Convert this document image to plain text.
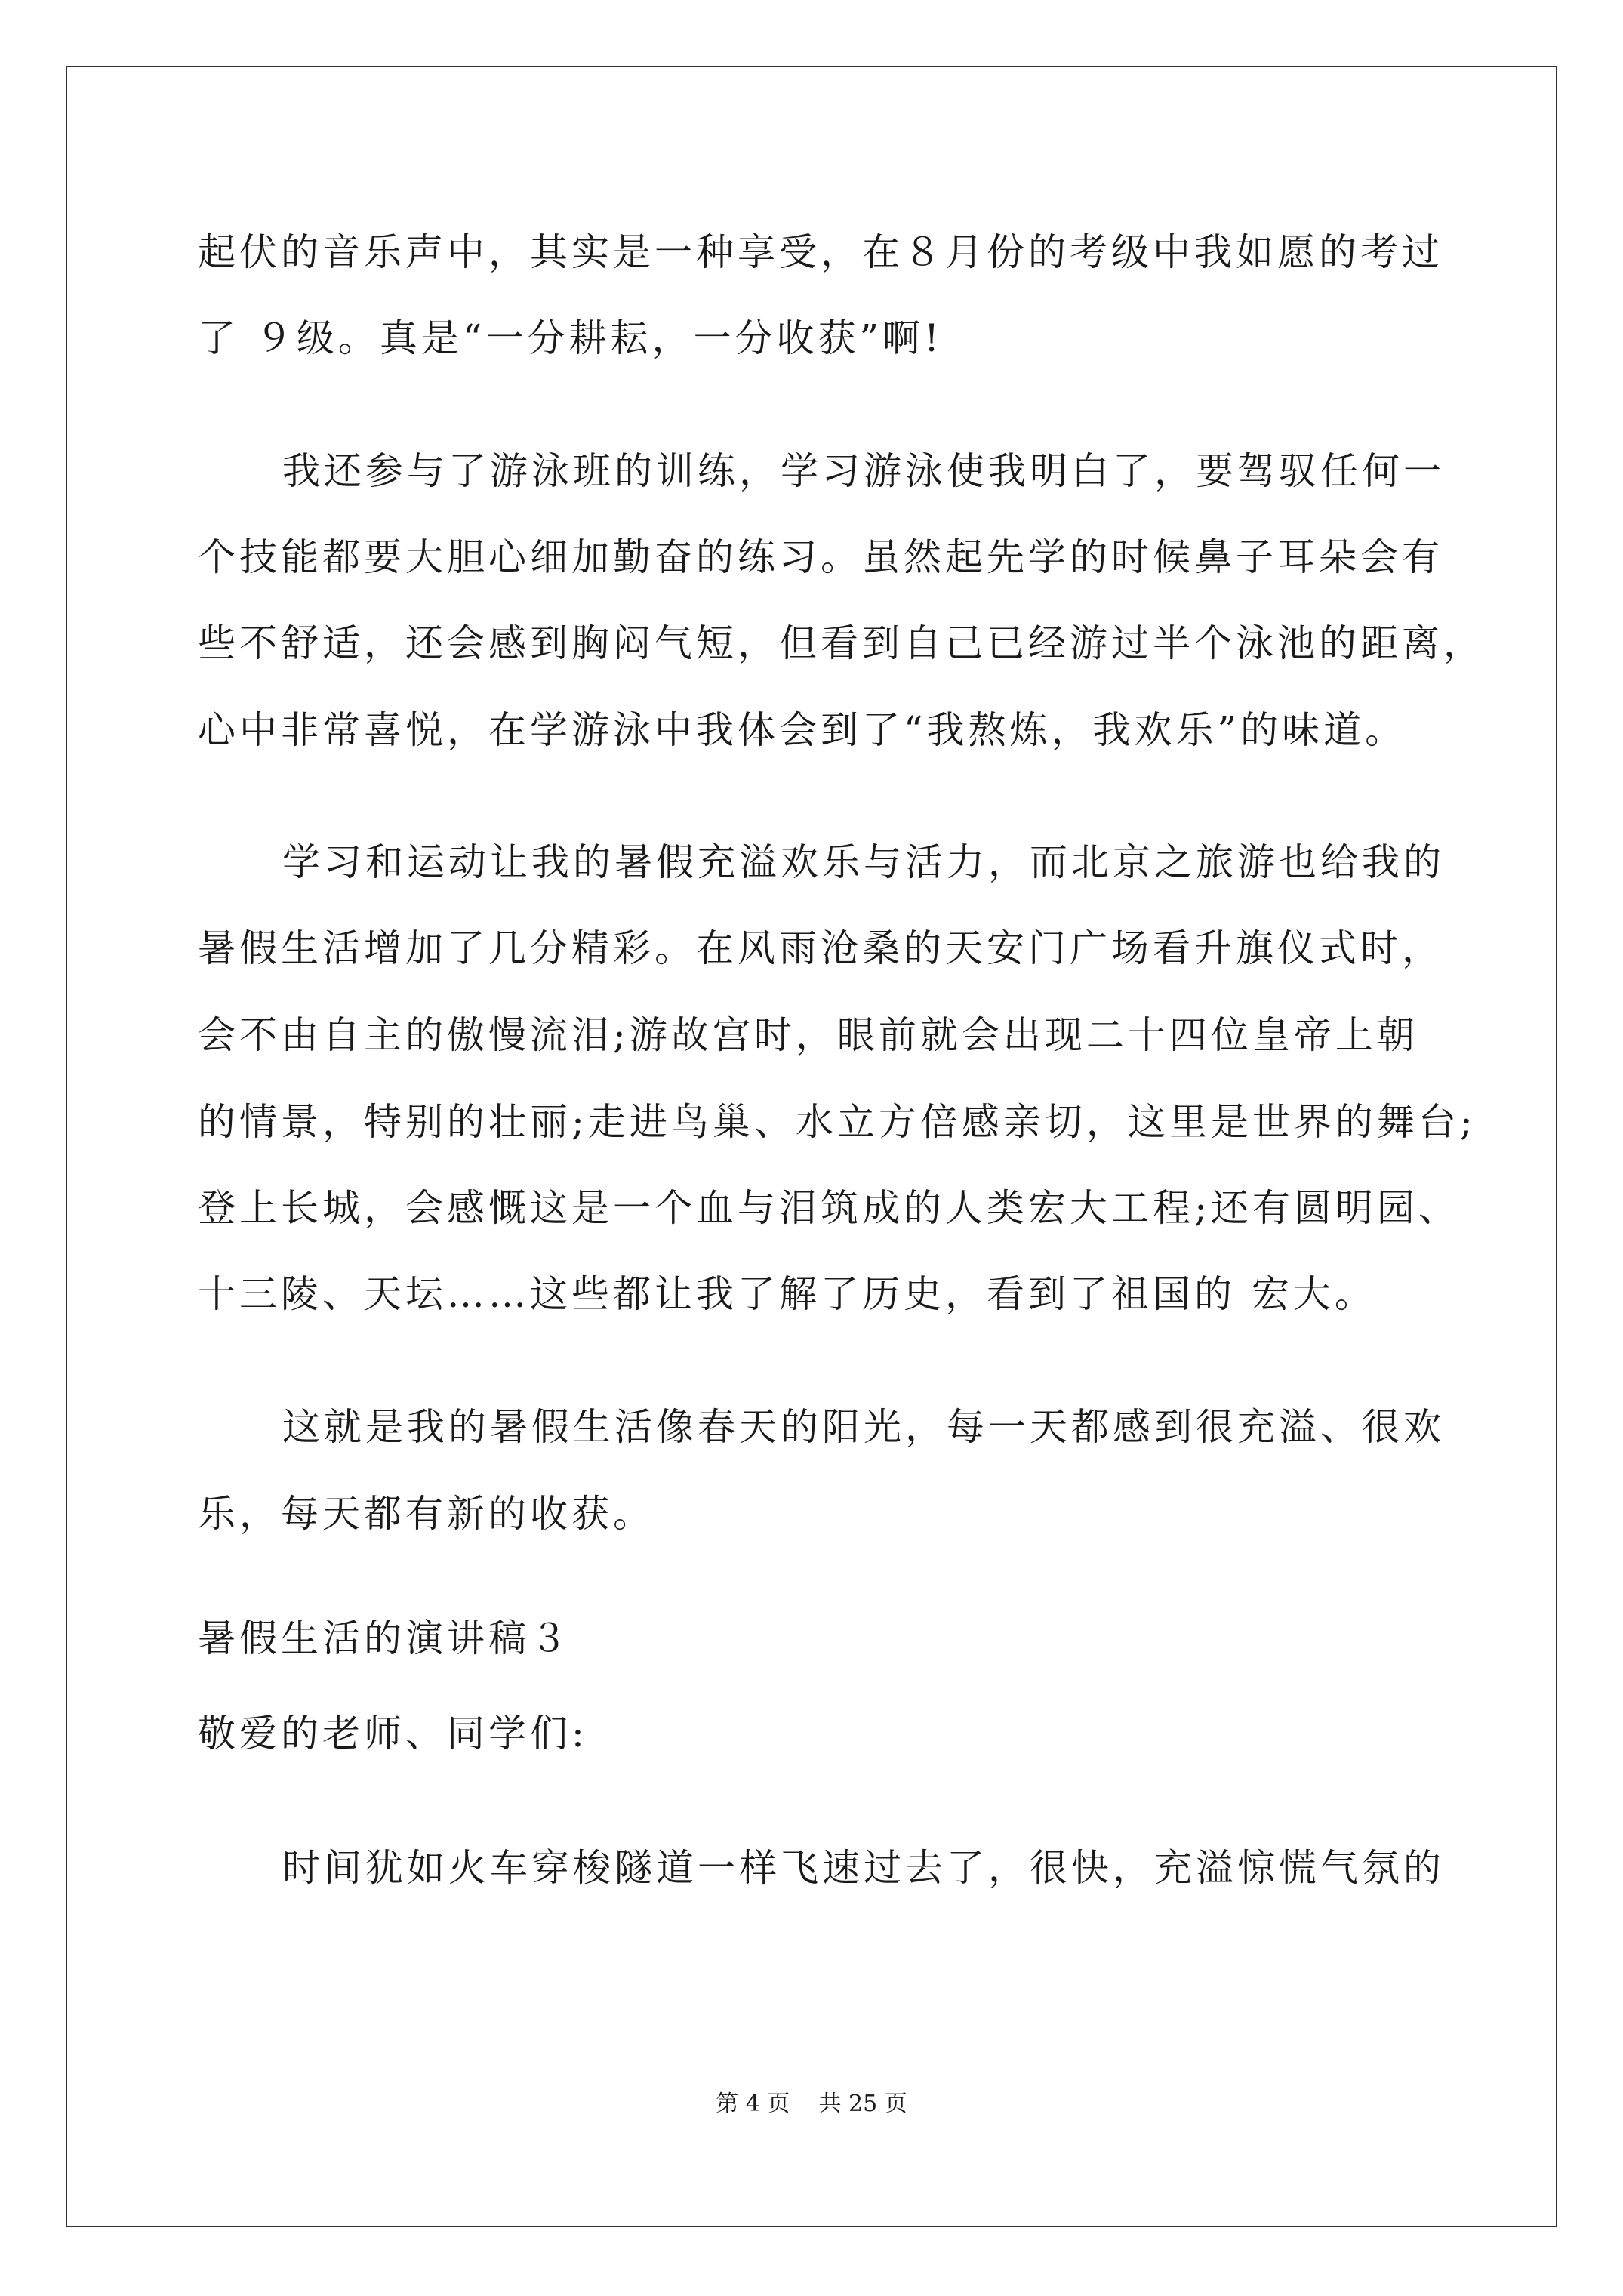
起伏的音乐声中，其实是一种享受，在８月份的考级中我如愿的考过
了 ９级。真是“一分耕耘，一分收获”啊!
我还参与了游泳班的训练，学习游泳使我明白了，要驾驭任何一
个技能都要大胆心细加勤奋的练习。虽然起先学的时候鼻子耳朵会有
些不舒适，还会感到胸闷气短，但看到自己已经游过半个泳池的距离，
心中非常喜悦，在学游泳中我体会到了“我熬炼，我欢乐”的味道。
学习和运动让我的暑假充溢欢乐与活力，而北京之旅游也给我的
暑假生活增加了几分精彩。在风雨沧桑的天安门广场看升旗仪式时，
会不由自主的傲慢流泪;游故宫时，眼前就会出现二十四位皇帝上朝
的情景，特别的壮丽;走进鸟巢、水立方倍感亲切，这里是世界的舞台;
登上长城，会感慨这是一个血与泪筑成的人类宏大工程;还有圆明园、
十三陵、天坛……这些都让我了解了历史，看到了祖国的 宏大。
这就是我的暑假生活像春天的阳光，每一天都感到很充溢、很欢
乐，每天都有新的收获。
暑假生活的演讲稿３
敬爱的老师、同学们:
时间犹如火车穿梭隧道一样飞速过去了，很快，充溢惊慌气氛的
第 4 页    共 25 页
